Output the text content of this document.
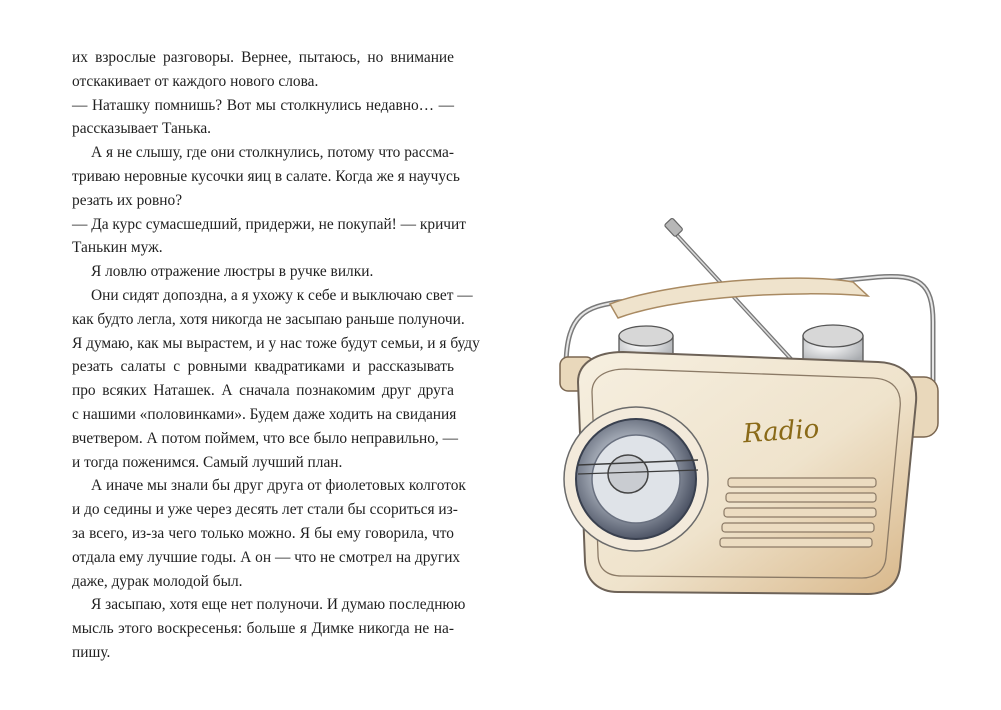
их взрослые разговоры. Вернее, пытаюсь, но внимание
отскакивает от каждого нового слова.
— Наташку помнишь? Вот мы столкнулись недавно… —
рассказывает Танька.
А я не слышу, где они столкнулись, потому что рассма-
триваю неровные кусочки яиц в салате. Когда же я научусь
резать их ровно?
— Да курс сумасшедший, придержи, не покупай! — кричит
Танькин муж.
Я ловлю отражение люстры в ручке вилки.
Они сидят допоздна, а я ухожу к себе и выключаю свет —
как будто легла, хотя никогда не засыпаю раньше полуночи.
Я думаю, как мы вырастем, и у нас тоже будут семьи, и я буду
резать салаты с ровными квадратиками и рассказывать
про всяких Наташек. А сначала познакомим друг друга
с нашими «половинками». Будем даже ходить на свидания
вчетвером. А потом поймем, что все было неправильно, —
и тогда поженимся. Самый лучший план.
А иначе мы знали бы друг друга от фиолетовых колготок
и до седины и уже через десять лет стали бы ссориться из-
за всего, из-за чего только можно. Я бы ему говорила, что
отдала ему лучшие годы. А он — что не смотрел на других
даже, дурак молодой был.
Я засыпаю, хотя еще нет полуночи. И думаю последнюю
мысль этого воскресенья: больше я Димке никогда не на-
пишу.
Radio
